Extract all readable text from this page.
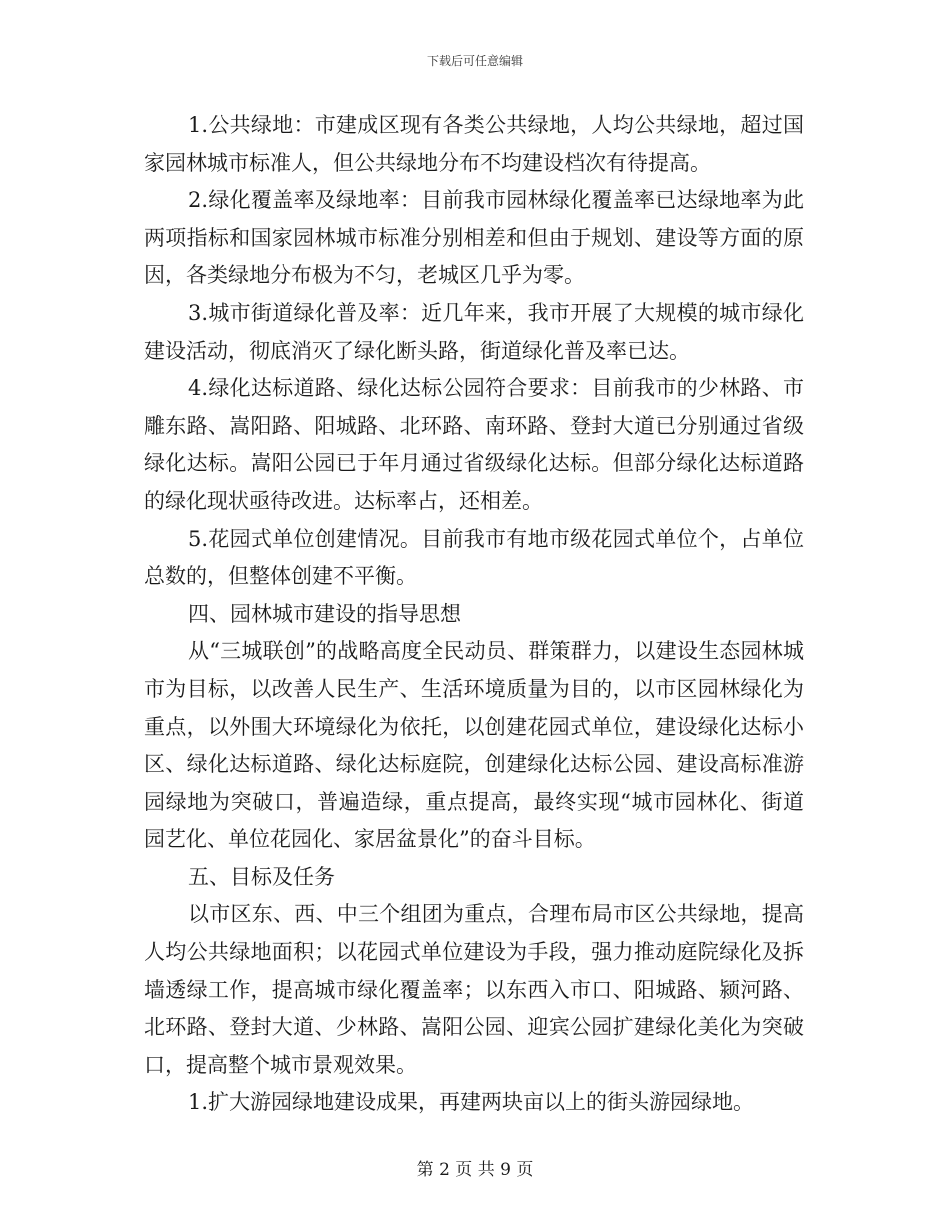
下载后可任意编辑

1.公共绿地：市建成区现有各类公共绿地，人均公共绿地，超过国家园林城市标准人，但公共绿地分布不均建设档次有待提高。

2.绿化覆盖率及绿地率：目前我市园林绿化覆盖率已达绿地率为此两项指标和国家园林城市标准分别相差和但由于规划、建设等方面的原因，各类绿地分布极为不匀，老城区几乎为零。

3.城市街道绿化普及率：近几年来，我市开展了大规模的城市绿化建设活动，彻底消灭了绿化断头路，街道绿化普及率已达。

4.绿化达标道路、绿化达标公园符合要求：目前我市的少林路、市雕东路、嵩阳路、阳城路、北环路、南环路、登封大道已分别通过省级绿化达标。嵩阳公园已于年月通过省级绿化达标。但部分绿化达标道路的绿化现状亟待改进。达标率占，还相差。

5.花园式单位创建情况。目前我市有地市级花园式单位个，占单位总数的，但整体创建不平衡。

四、园林城市建设的指导思想

从“三城联创”的战略高度全民动员、群策群力，以建设生态园林城市为目标，以改善人民生产、生活环境质量为目的，以市区园林绿化为重点，以外围大环境绿化为依托，以创建花园式单位，建设绿化达标小区、绿化达标道路、绿化达标庭院，创建绿化达标公园、建设高标准游园绿地为突破口，普遍造绿，重点提高，最终实现“城市园林化、街道园艺化、单位花园化、家居盆景化”的奋斗目标。

五、目标及任务

以市区东、西、中三个组团为重点，合理布局市区公共绿地，提高人均公共绿地面积；以花园式单位建设为手段，强力推动庭院绿化及拆墙透绿工作，提高城市绿化覆盖率；以东西入市口、阳城路、颍河路、北环路、登封大道、少林路、嵩阳公园、迎宾公园扩建绿化美化为突破口，提高整个城市景观效果。

1.扩大游园绿地建设成果，再建两块亩以上的街头游园绿地。

第 2 页 共 9 页
